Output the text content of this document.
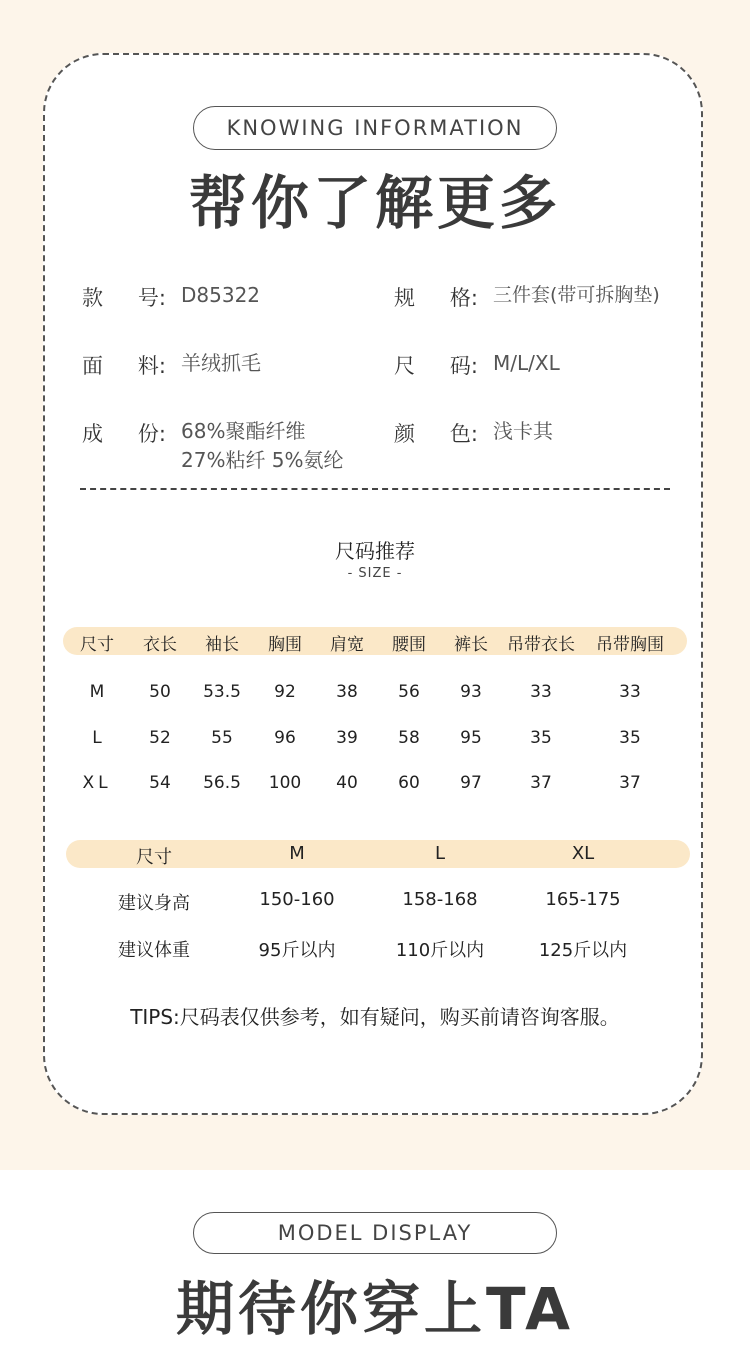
KNOWING INFORMATION
帮你了解更多
款 号: D85322	规 格: 三件套(带可拆胸垫)
面 料: 羊绒抓毛	尺 码: M/L/XL
成 份: 68%聚酯纤维
27%粘纤 5%氨纶
颜 色: 浅卡其
尺码推荐
- SIZE -
尺寸 衣长 袖长 胸围 肩宽 腰围 裤长 吊带衣长 吊带胸围
M	50 53.5 92 38 56 93	33	33
L	52 55 96 39 58 95	35	35
XL 54 56.5 100 40 60 97	37	37
尺寸	M	L	XL
建议身高	150-160	158-168	165-175
建议体重	95斤以内	110斤以内	125斤以内
TIPS:尺码表仅供参考，如有疑问，购买前请咨询客服。
MODEL DISPLAY
期待你穿上TA
